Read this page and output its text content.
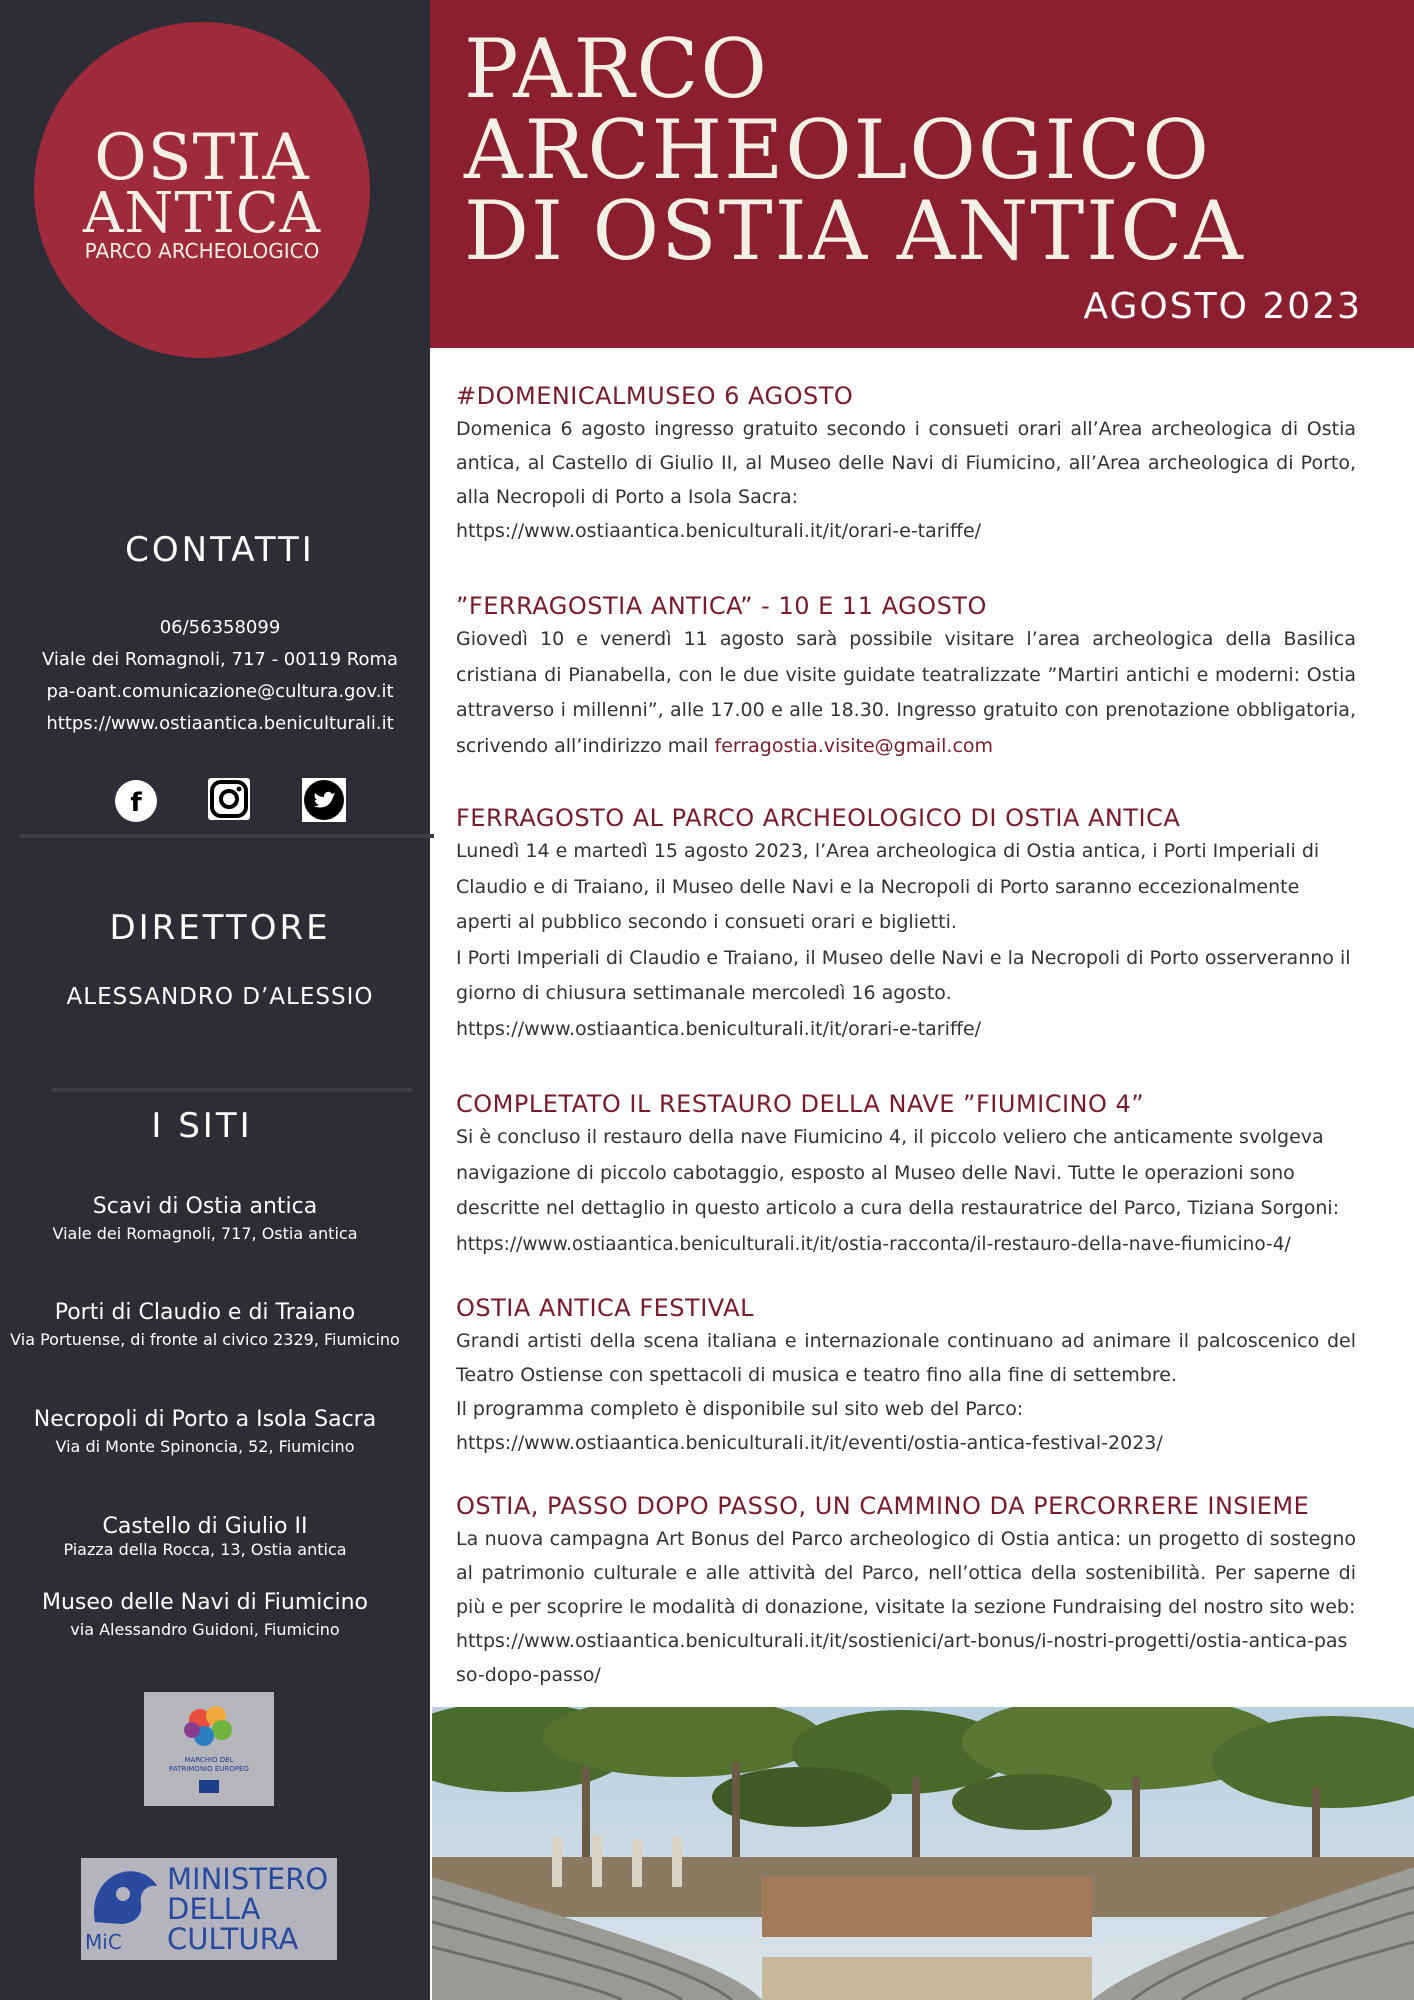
OSTIA
ANTICA
PARCO ARCHEOLOGICO
CONTATTI
06/56358099
Viale dei Romagnoli, 717 - 00119 Roma
pa-oant.comunicazione@cultura.gov.it
https://www.ostiaantica.beniculturali.it
f
DIRETTORE
ALESSANDRO D’ALESSIO
I SITI
Scavi di Ostia antica
Viale dei Romagnoli, 717, Ostia antica
Porti di Claudio e di Traiano
Via Portuense, di fronte al civico 2329, Fiumicino
Necropoli di Porto a Isola Sacra
Via di Monte Spinoncia, 52, Fiumicino
Castello di Giulio II
Piazza della Rocca, 13, Ostia antica
Museo delle Navi di Fiumicino
via Alessandro Guidoni, Fiumicino
MARCHIO DEL
PATRIMONIO EUROPEO
MINISTERO
DELLA
CULTURA
MiC
PARCO
ARCHEOLOGICO
DI OSTIA ANTICA
AGOSTO 2023
#DOMENICALMUSEO 6 AGOSTO

Domenica 6 agosto ingresso gratuito secondo i consueti orari all’Area archeologica di Ostia antica, al Castello di Giulio II, al Museo delle Navi di Fiumicino, all’Area archeologica di Porto, alla Necropoli di Porto a Isola Sacra:

https://www.ostiaantica.beniculturali.it/it/orari-e-tariffe/

”FERRAGOSTIA ANTICA” - 10 E 11 AGOSTO

Giovedì 10 e venerdì 11 agosto sarà possibile visitare l’area archeologica della Basilica cristiana di Pianabella, con le due visite guidate teatralizzate ”Martiri antichi e moderni: Ostia attraverso i millenni”, alle 17.00 e alle 18.30. Ingresso gratuito con prenotazione obbligatoria, scrivendo all’indirizzo mail ferragostia.visite@gmail.com

FERRAGOSTO AL PARCO ARCHEOLOGICO DI OSTIA ANTICA

Lunedì 14 e martedì 15 agosto 2023, l’Area archeologica di Ostia antica, i Porti Imperiali di Claudio e di Traiano, il Museo delle Navi e la Necropoli di Porto saranno eccezionalmente aperti al pubblico secondo i consueti orari e biglietti.

I Porti Imperiali di Claudio e Traiano, il Museo delle Navi e la Necropoli di Porto osserveranno il giorno di chiusura settimanale mercoledì 16 agosto.

https://www.ostiaantica.beniculturali.it/it/orari-e-tariffe/

COMPLETATO IL RESTAURO DELLA NAVE ”FIUMICINO 4”

Si è concluso il restauro della nave Fiumicino 4, il piccolo veliero che anticamente svolgeva navigazione di piccolo cabotaggio, esposto al Museo delle Navi. Tutte le operazioni sono descritte nel dettaglio in questo articolo a cura della restauratrice del Parco, Tiziana Sorgoni:

https://www.ostiaantica.beniculturali.it/it/ostia-racconta/il-restauro-della-nave-fiumicino-4/

OSTIA ANTICA FESTIVAL

Grandi artisti della scena italiana e internazionale continuano ad animare il palcoscenico del Teatro Ostiense con spettacoli di musica e teatro fino alla fine di settembre.

Il programma completo è disponibile sul sito web del Parco:

https://www.ostiaantica.beniculturali.it/it/eventi/ostia-antica-festival-2023/

OSTIA, PASSO DOPO PASSO, UN CAMMINO DA PERCORRERE INSIEME

La nuova campagna Art Bonus del Parco archeologico di Ostia antica: un progetto di sostegno al patrimonio culturale e alle attività del Parco, nell’ottica della sostenibilità. Per saperne di più e per scoprire le modalità di donazione, visitate la sezione Fundraising del nostro sito web:

https://www.ostiaantica.beniculturali.it/it/sostienici/art-bonus/i-nostri-progetti/ostia-antica-passo-dopo-passo/
